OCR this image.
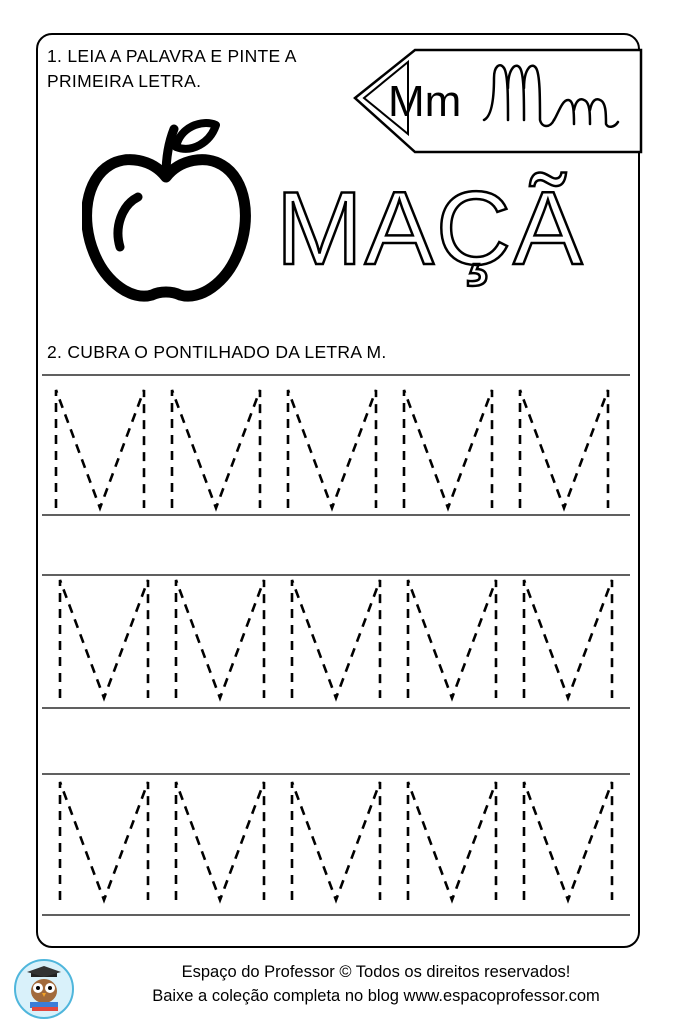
1. LEIA A PALAVRA E PINTE A PRIMEIRA LETRA.	Mm
MAÇÃ

2. CUBRA O PONTILHADO DA LETRA M.

Espaço do Professor © Todos os direitos reservados!

Baixe a coleção completa no blog www.espacoprofessor.com
